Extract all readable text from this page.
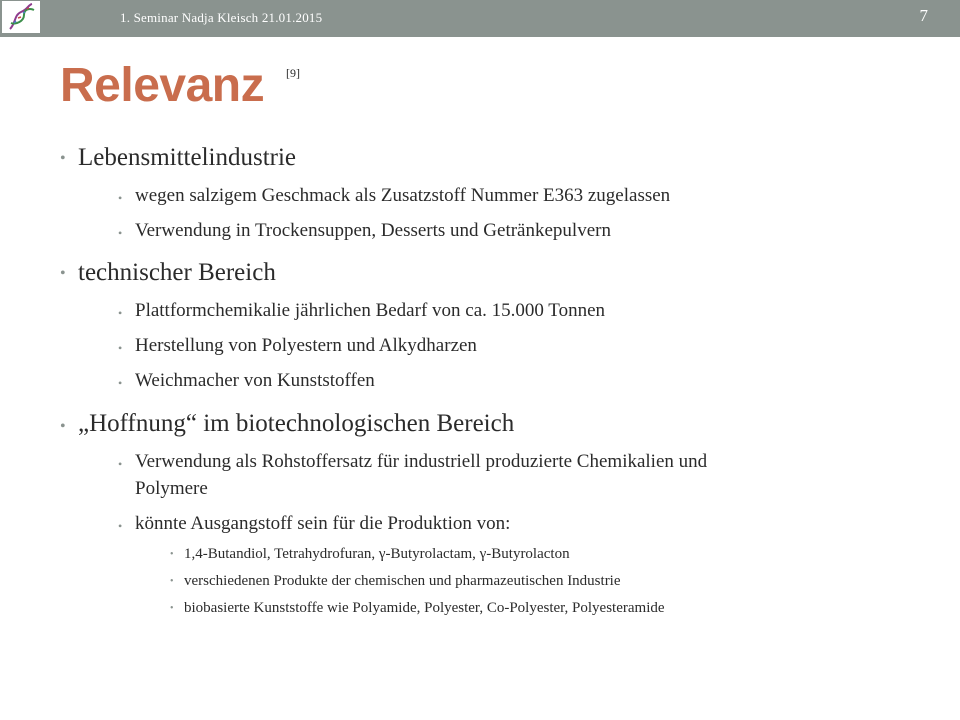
1. Seminar Nadja Kleisch 21.01.2015	7
Relevanz [9]
• Lebensmittelindustrie
• wegen salzigem Geschmack als Zusatzstoff Nummer E363 zugelassen
• Verwendung in Trockensuppen, Desserts und Getränkepulvern
• technischer Bereich
• Plattformchemikalie jährlichen Bedarf von ca. 15.000 Tonnen
• Herstellung von Polyestern und Alkydharzen
• Weichmacher von Kunststoffen
• „Hoffnung“ im biotechnologischen Bereich
• Verwendung als Rohstoffersatz für industriell produzierte Chemikalien und
Polymere
• könnte Ausgangstoff sein für die Produktion von:
• 1,4-Butandiol, Tetrahydrofuran, γ-Butyrolactam, γ-Butyrolacton
• verschiedenen Produkte der chemischen und pharmazeutischen Industrie
• biobasierte Kunststoffe wie Polyamide, Polyester, Co-Polyester, Polyesteramide
